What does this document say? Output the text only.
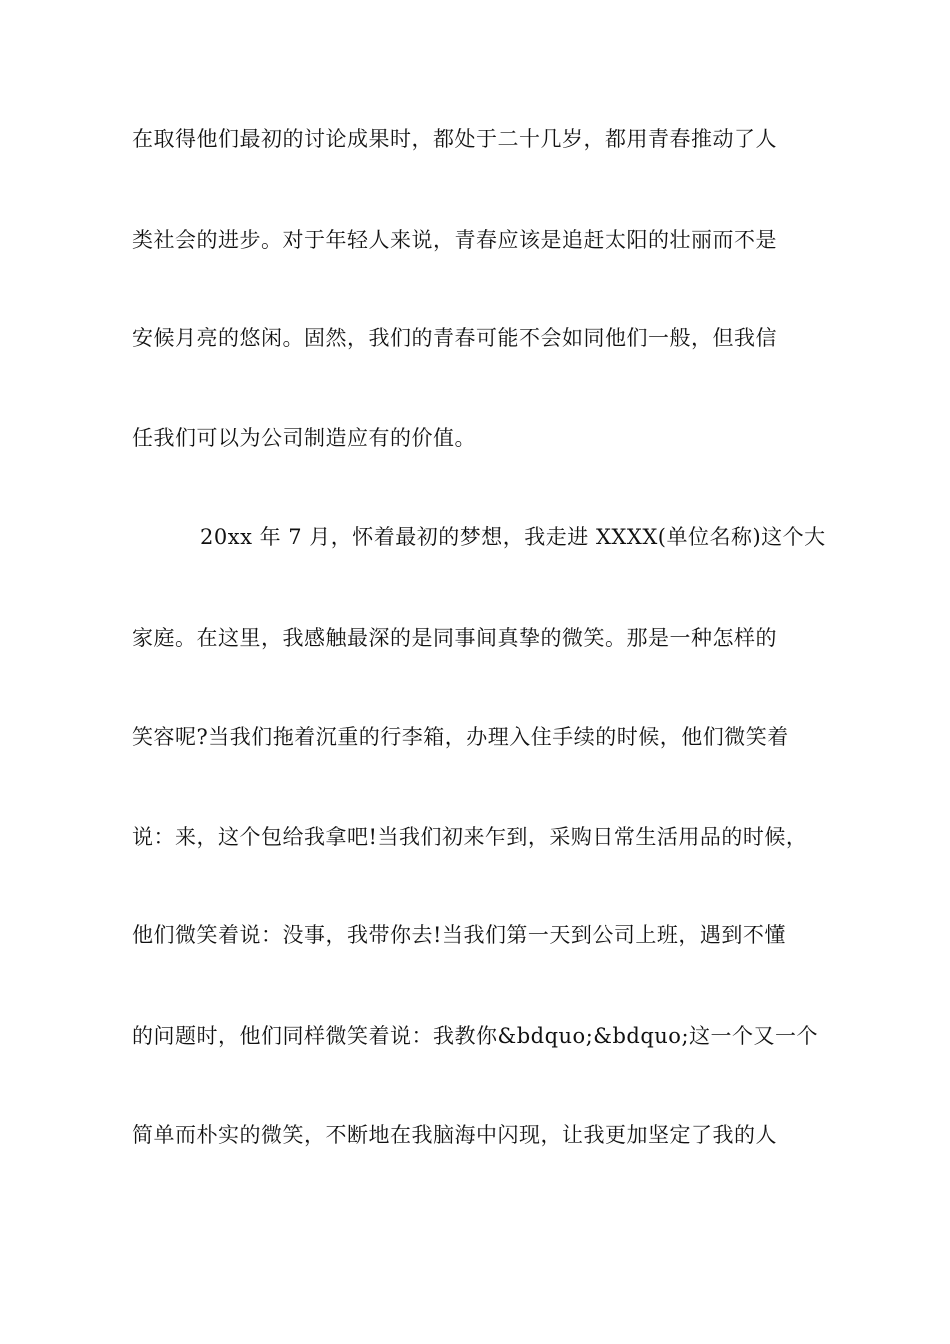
在取得他们最初的讨论成果时，都处于二十几岁，都用青春推动了人
类社会的进步。对于年轻人来说，青春应该是追赶太阳的壮丽而不是
安候月亮的悠闲。固然，我们的青春可能不会如同他们一般，但我信
任我们可以为公司制造应有的价值。
20xx 年 7 月，怀着最初的梦想，我走进 XXXX(单位名称)这个大
家庭。在这里，我感触最深的是同事间真挚的微笑。那是一种怎样的
笑容呢?当我们拖着沉重的行李箱，办理入住手续的时候，他们微笑着
说：来，这个包给我拿吧!当我们初来乍到，采购日常生活用品的时候，
他们微笑着说：没事，我带你去!当我们第一天到公司上班，遇到不懂
的问题时，他们同样微笑着说：我教你&bdquo;&bdquo;这一个又一个
简单而朴实的微笑，不断地在我脑海中闪现，让我更加坚定了我的人
